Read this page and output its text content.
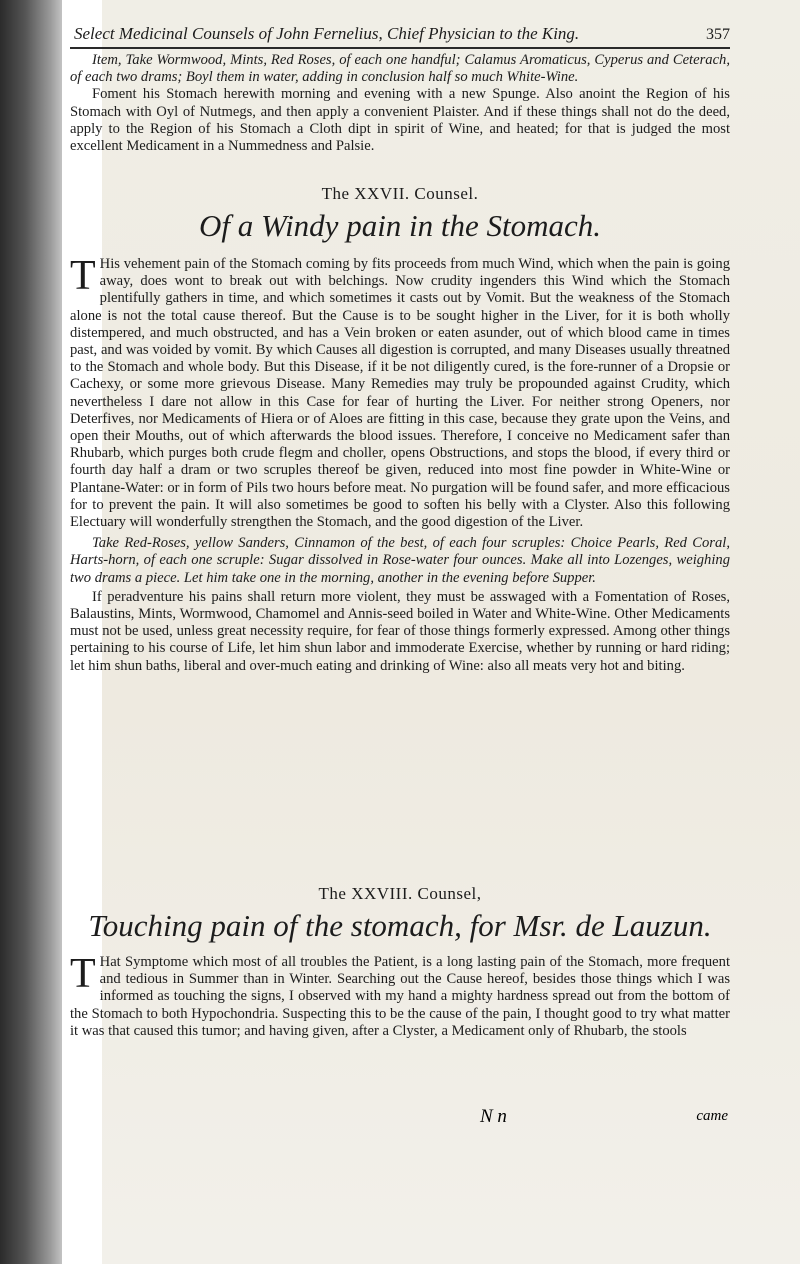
Select Medicinal Counsels of John Fernelius, Chief Physician to the King.	357

Item, Take Wormwood, Mints, Red Roses, of each one handful; Calamus Aromaticus, Cyperus and Ceterach, of each two drams; Boyl them in water, adding in conclusion half so much White-Wine.

Foment his Stomach herewith morning and evening with a new Spunge. Also anoint the Region of his Stomach with Oyl of Nutmegs, and then apply a convenient Plaister. And if these things shall not do the deed, apply to the Region of his Stomach a Cloth dipt in spirit of Wine, and heated; for that is judged the most excellent Medicament in a Nummedness and Palsie.

The XXVII. Counsel.

Of a Windy pain in the Stomach.

T His vehement pain of the Stomach coming by fits proceeds from much Wind, which when the pain is going away, does wont to break out with belchings. Now crudity ingenders this Wind which the Stomach plentifully gathers in time, and which sometimes it casts out by Vomit. But the weakness of the Stomach alone is not the total cause thereof. But the Cause is to be sought higher in the Liver, for it is both wholly distempered, and much obstructed, and has a Vein broken or eaten asunder, out of which blood came in times past, and was voided by vomit. By which Causes all digestion is corrupted, and many Diseases usually threatned to the Stomach and whole body. But this Disease, if it be not diligently cured, is the fore-runner of a Dropsie or Cachexy, or some more grievous Disease. Many Remedies may truly be propounded against Crudity, which nevertheless I dare not allow in this Case for fear of hurting the Liver. For neither strong Openers, nor Deterfives, nor Medicaments of Hiera or of Aloes are fitting in this case, because they grate upon the Veins, and open their Mouths, out of which afterwards the blood issues. Therefore, I conceive no Medicament safer than Rhubarb, which purges both crude flegm and choller, opens Obstructions, and stops the blood, if every third or fourth day half a dram or two scruples thereof be given, reduced into most fine powder in White-Wine or Plantane-Water: or in form of Pils two hours before meat. No purgation will be found safer, and more efficacious for to prevent the pain. It will also sometimes be good to soften his belly with a Clyster. Also this following Electuary will wonderfully strengthen the Stomach, and the good digestion of the Liver.

Take Red-Roses, yellow Sanders, Cinnamon of the best, of each four scruples: Choice Pearls, Red Coral, Harts-horn, of each one scruple: Sugar dissolved in Rose-water four ounces. Make all into Lozenges, weighing two drams a piece. Let him take one in the morning, another in the evening before Supper.

If peradventure his pains shall return more violent, they must be asswaged with a Fomentation of Roses, Balaustins, Mints, Wormwood, Chamomel and Annis-seed boiled in Water and White-Wine. Other Medicaments must not be used, unless great necessity require, for fear of those things formerly expressed. Among other things pertaining to his course of Life, let him shun labor and immoderate Exercise, whether by running or hard riding; let him shun baths, liberal and over-much eating and drinking of Wine: also all meats very hot and biting.

The XXVIII. Counsel,

Touching pain of the stomach, for Msr. de Lauzun.

T Hat Symptome which most of all troubles the Patient, is a long lasting pain of the Stomach, more frequent and tedious in Summer than in Winter. Searching out the Cause hereof, besides those things which I was informed as touching the signs, I observed with my hand a mighty hardness spread out from the bottom of the Stomach to both Hypochondria. Suspecting this to be the cause of the pain, I thought good to try what matter it was that caused this tumor; and having given, after a Clyster, a Medicament only of Rhubarb, the stools

N n	came
